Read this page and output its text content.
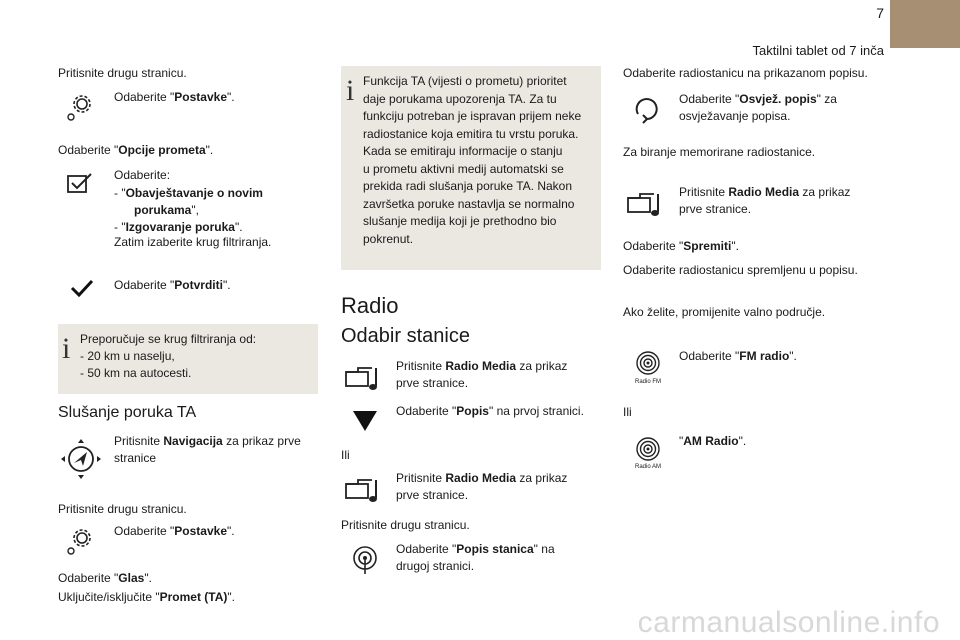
7
Taktilni tablet od 7 inča
Pritisnite drugu stranicu.
Odaberite "Postavke".
Odaberite "Opcije prometa".
Odaberite:
- "Obavještavanje o novim
porukama",
- "Izgovaranje poruka".
Zatim izaberite krug filtriranja.
Odaberite "Potvrditi".
i Preporučuje se krug filtriranja od:
- 20 km u naselju,
- 50 km na autocesti.
Slušanje poruka TA
Pritisnite Navigacija za prikaz prve
stranice
Pritisnite drugu stranicu.
Odaberite "Postavke".
Odaberite "Glas".
Uključite/isključite "Promet (TA)".
i Funkcija TA (vijesti o prometu) prioritet
daje porukama upozorenja TA. Za tu
funkciju potreban je ispravan prijem neke
radiostanice koja emitira tu vrstu poruka.
Kada se emitiraju informacije o stanju
u prometu aktivni medij automatski se
prekida radi slušanja poruke TA. Nakon
završetka poruke nastavlja se normalno
slušanje medija koji je prethodno bio
pokrenut.
Radio
Odabir stanice
Pritisnite Radio Media za prikaz
prve stranice.
Odaberite "Popis" na prvoj stranici.
Ili
Pritisnite Radio Media za prikaz
prve stranice.
Pritisnite drugu stranicu.
Odaberite "Popis stanica" na
drugoj stranici.
Odaberite radiostanicu na prikazanom popisu.
Odaberite "Osvjež. popis" za
osvježavanje popisa.
Za biranje memorirane radiostanice.
Pritisnite Radio Media za prikaz
prve stranice.
Odaberite "Spremiti".
Odaberite radiostanicu spremljenu u popisu.
Ako želite, promijenite valno područje.
Radio FM
Odaberite "FM radio".
Ili
Radio AM
"AM Radio".
carmanualsonline.info
